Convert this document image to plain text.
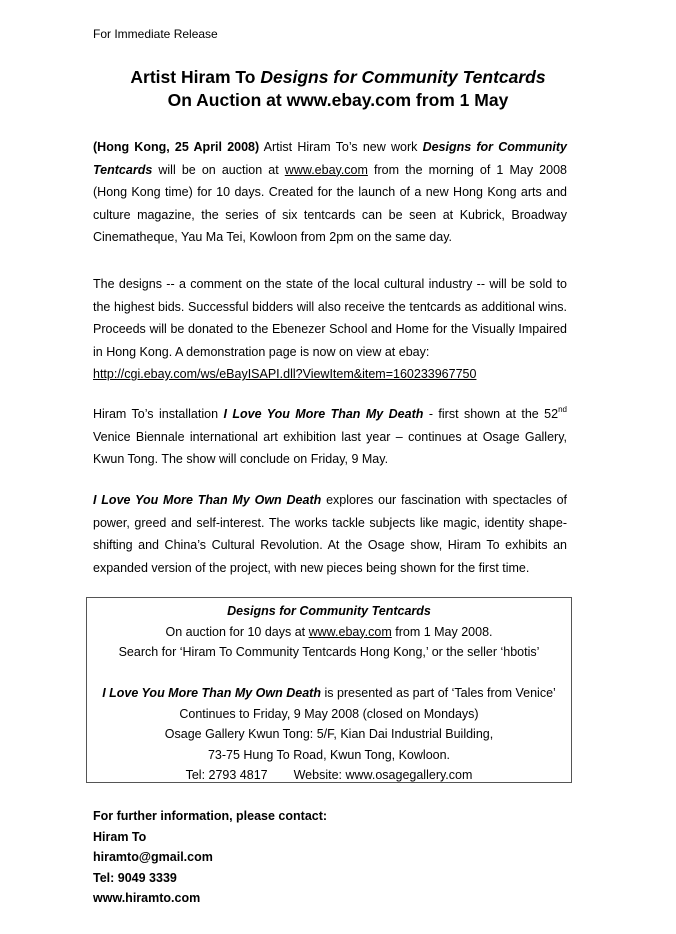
For Immediate Release
Artist Hiram To Designs for Community Tentcards
On Auction at www.ebay.com from 1 May
(Hong Kong, 25 April 2008) Artist Hiram To’s new work Designs for Community Tentcards will be on auction at www.ebay.com from the morning of 1 May 2008 (Hong Kong time) for 10 days. Created for the launch of a new Hong Kong arts and culture magazine, the series of six tentcards can be seen at Kubrick, Broadway Cinematheque, Yau Ma Tei, Kowloon from 2pm on the same day.
The designs -- a comment on the state of the local cultural industry -- will be sold to the highest bids. Successful bidders will also receive the tentcards as additional wins. Proceeds will be donated to the Ebenezer School and Home for the Visually Impaired in Hong Kong. A demonstration page is now on view at ebay:
http://cgi.ebay.com/ws/eBayISAPI.dll?ViewItem&item=160233967750
Hiram To’s installation I Love You More Than My Death - first shown at the 52nd Venice Biennale international art exhibition last year – continues at Osage Gallery, Kwun Tong. The show will conclude on Friday, 9 May.
I Love You More Than My Own Death explores our fascination with spectacles of power, greed and self-interest. The works tackle subjects like magic, identity shape-shifting and China’s Cultural Revolution. At the Osage show, Hiram To exhibits an expanded version of the project, with new pieces being shown for the first time.

Designs for Community Tentcards

On auction for 10 days at www.ebay.com from 1 May 2008.

Search for ‘Hiram To Community Tentcards Hong Kong,’ or the seller ‘hbotis’

I Love You More Than My Own Death is presented as part of ‘Tales from Venice’

Continues to Friday, 9 May 2008 (closed on Mondays)

Osage Gallery Kwun Tong: 5/F, Kian Dai Industrial Building,

73-75 Hung To Road, Kwun Tong, Kowloon.

Tel: 2793 4817 Website: www.osagegallery.com

For further information, please contact:
Hiram To
hiramto@gmail.com
Tel: 9049 3339
www.hiramto.com
